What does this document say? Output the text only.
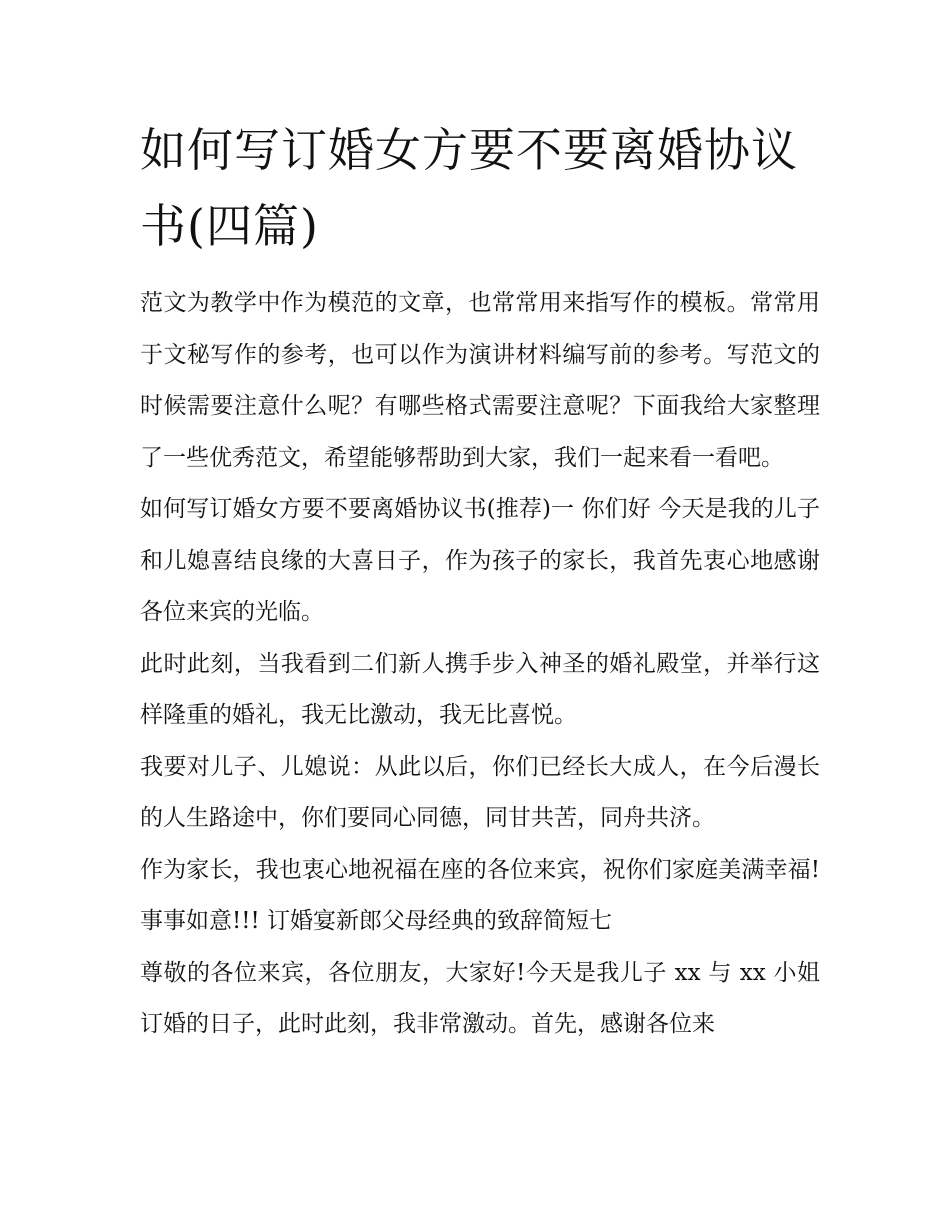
如何写订婚女方要不要离婚协议书(四篇)

范文为教学中作为模范的文章，也常常用来指写作的模板。常常用于文秘写作的参考，也可以作为演讲材料编写前的参考。写范文的时候需要注意什么呢？有哪些格式需要注意呢？下面我给大家整理了一些优秀范文，希望能够帮助到大家，我们一起来看一看吧。

如何写订婚女方要不要离婚协议书(推荐)一 你们好 今天是我的儿子和儿媳喜结良缘的大喜日子，作为孩子的家长，我首先衷心地感谢各位来宾的光临。

此时此刻，当我看到二们新人携手步入神圣的婚礼殿堂，并举行这样隆重的婚礼，我无比激动，我无比喜悦。

我要对儿子、儿媳说：从此以后，你们已经长大成人，在今后漫长的人生路途中，你们要同心同德，同甘共苦，同舟共济。

作为家长，我也衷心地祝福在座的各位来宾，祝你们家庭美满幸福!事事如意!!! 订婚宴新郎父母经典的致辞简短七

尊敬的各位来宾，各位朋友，大家好!今天是我儿子 xx 与 xx 小姐订婚的日子，此时此刻，我非常激动。首先，感谢各位来
